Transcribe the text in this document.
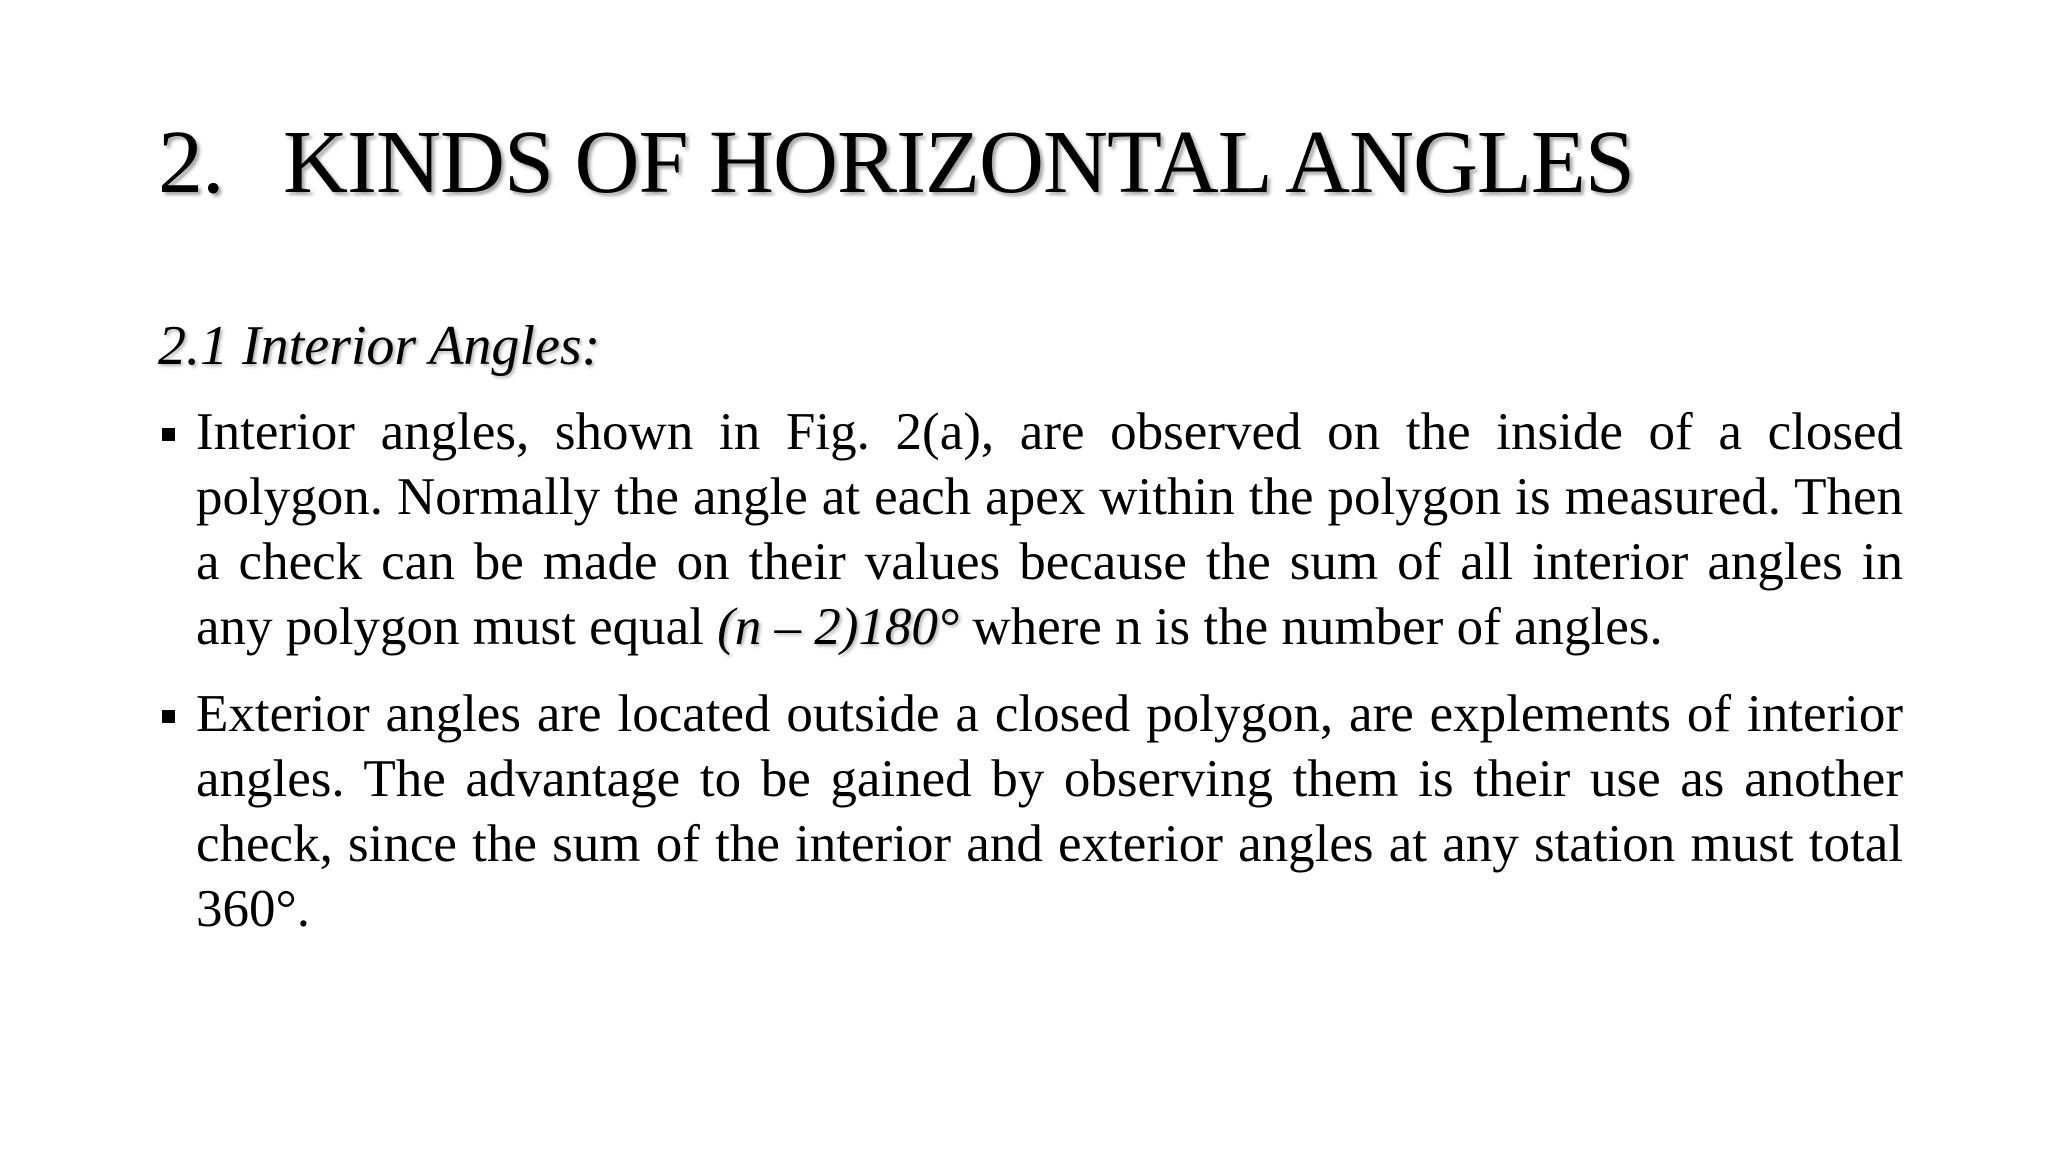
2. KINDS OF HORIZONTAL ANGLES
2.1 Interior Angles:
Interior angles, shown in Fig. 2(a), are observed on the inside of a closed polygon. Normally the angle at each apex within the polygon is measured. Then a check can be made on their values because the sum of all interior angles in any polygon must equal (n – 2)180° where n is the number of angles.
Exterior angles are located outside a closed polygon, are explements of interior angles. The advantage to be gained by observing them is their use as another check, since the sum of the interior and exterior angles at any station must total 360°.
